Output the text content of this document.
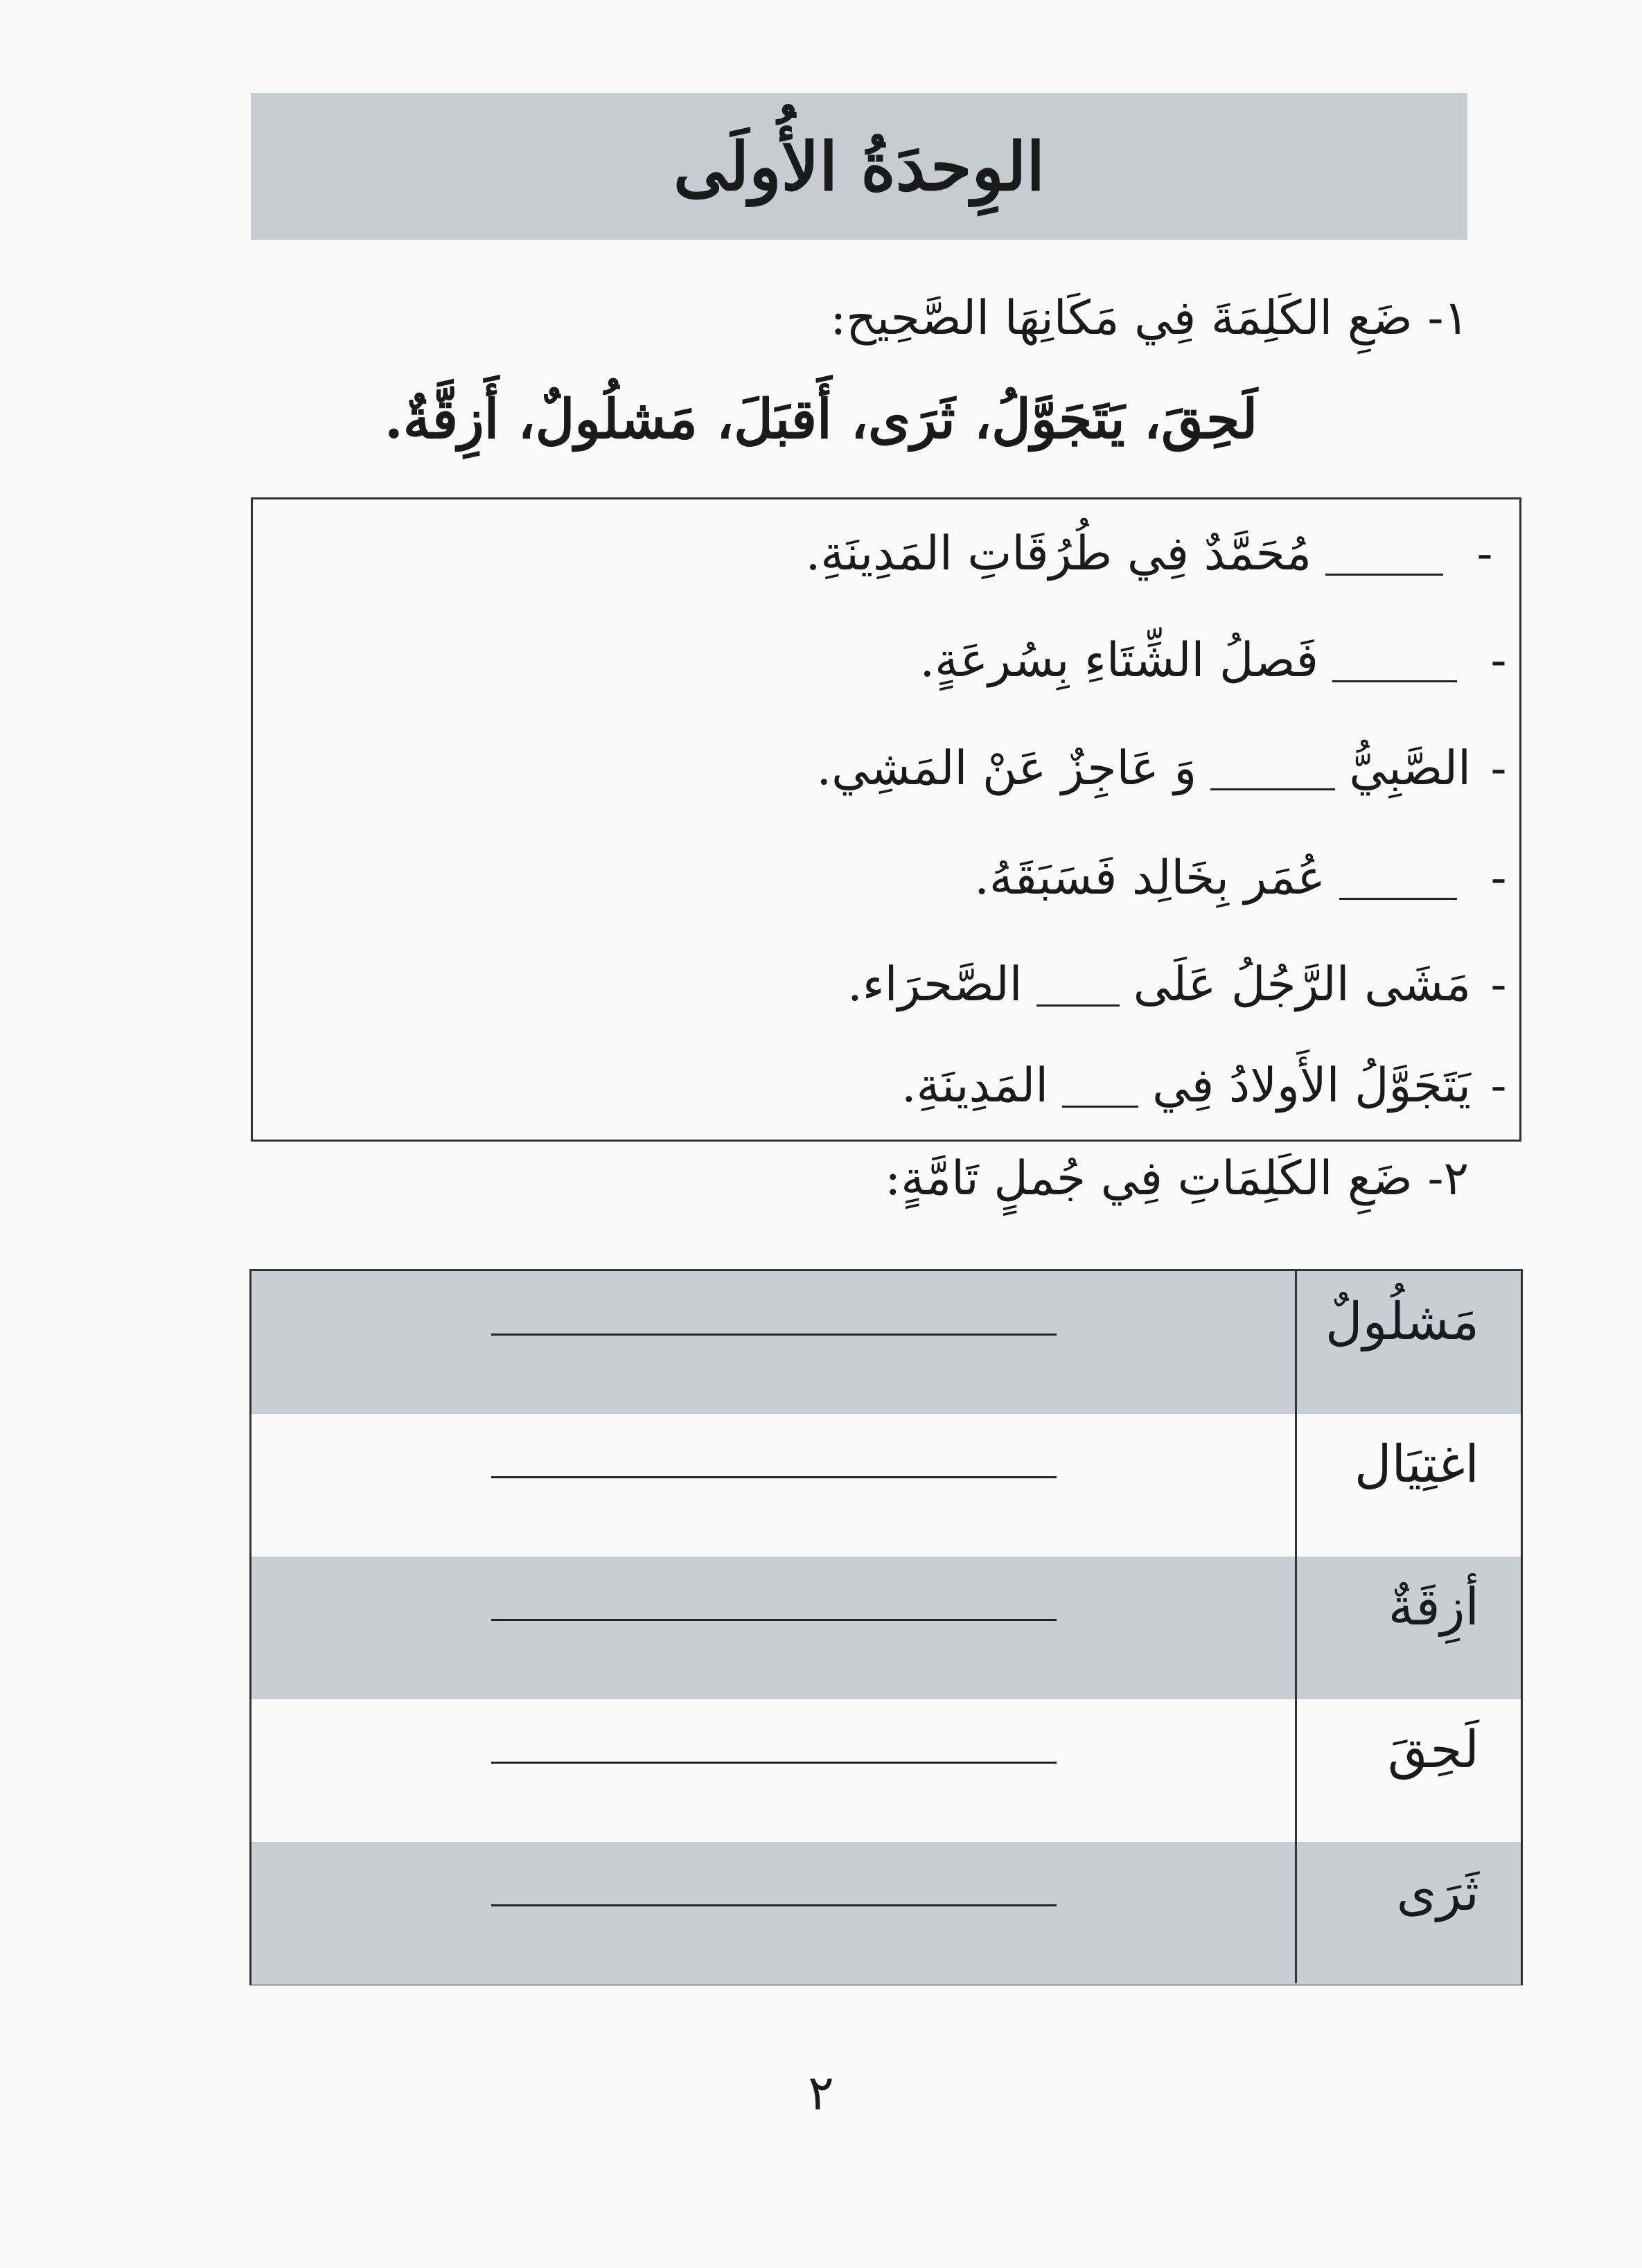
الوِحدَةُ الأُولَى
١- ضَعِ الكَلِمَةَ فِي مَكَانِهَا الصَّحِيح:
لَحِقَ، يَتَجَوَّلُ، ثَرَى، أَقبَلَ، مَشلُولٌ، أَزِقَّةٌ.
-
مُحَمَّدٌ فِي طُرُقَاتِ المَدِينَةِ.
-
فَصلُ الشِّتَاءِ بِسُرعَةٍ.
-
الصَّبِيُّ
وَ عَاجِزٌ عَنْ المَشِي.
-
عُمَر بِخَالِد فَسَبَقَهُ.
-
مَشَى الرَّجُلُ عَلَى
الصَّحرَاء.
-
يَتَجَوَّلُ الأَولادُ فِي
المَدِينَةِ.
٢- ضَعِ الكَلِمَاتِ فِي جُملٍ تَامَّةٍ:
مَشلُولٌ
اغتِيَال
أزِقَةٌ
لَحِقَ
ثَرَى
٢
